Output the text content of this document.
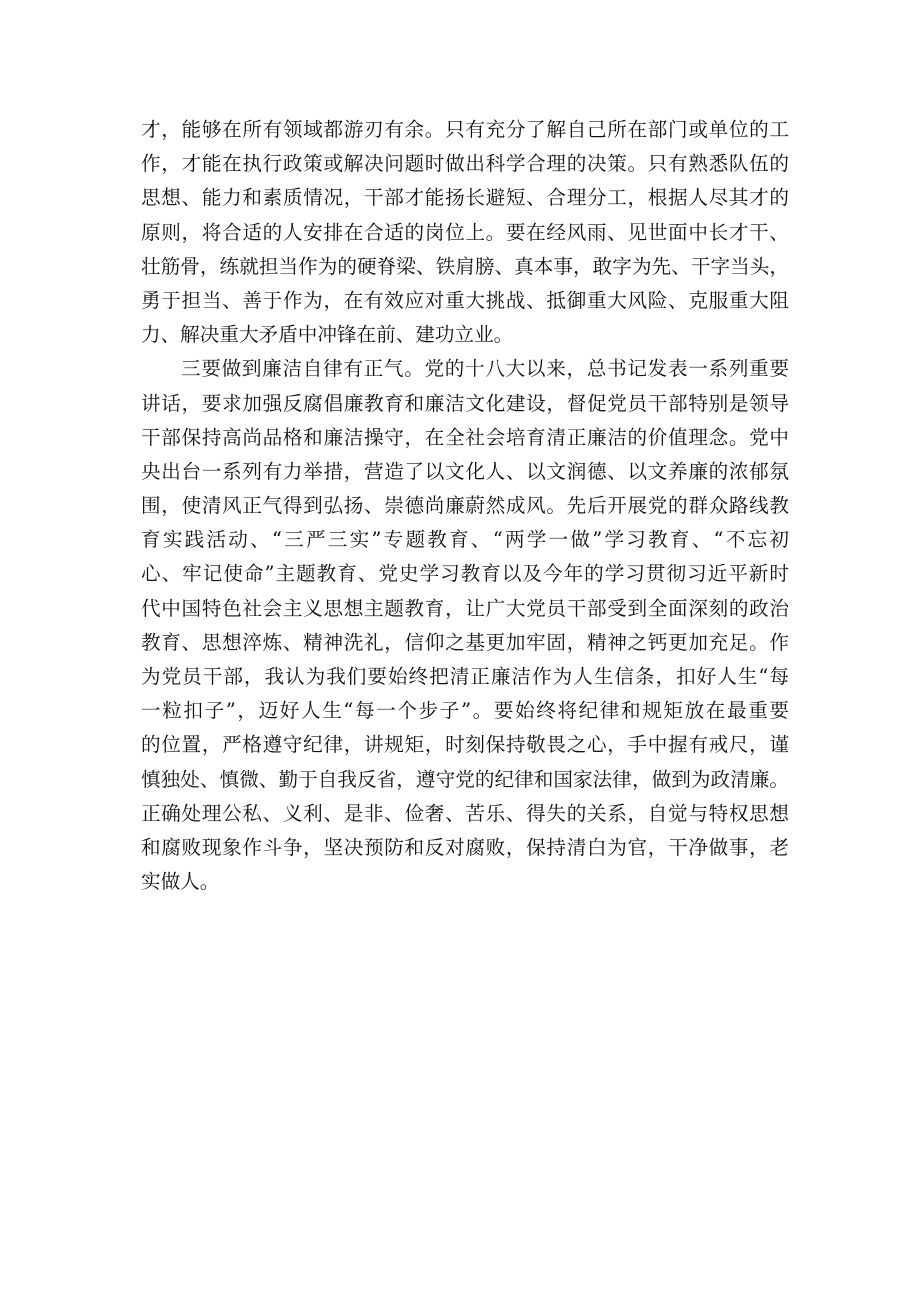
才，能够在所有领域都游刃有余。只有充分了解自己所在部门或单位的工
作，才能在执行政策或解决问题时做出科学合理的决策。只有熟悉队伍的
思想、能力和素质情况，干部才能扬长避短、合理分工，根据人尽其才的
原则，将合适的人安排在合适的岗位上。要在经风雨、见世面中长才干、
壮筋骨，练就担当作为的硬脊梁、铁肩膀、真本事，敢字为先、干字当头，
勇于担当、善于作为，在有效应对重大挑战、抵御重大风险、克服重大阻
力、解决重大矛盾中冲锋在前、建功立业。
三要做到廉洁自律有正气。党的十八大以来，总书记发表一系列重要
讲话，要求加强反腐倡廉教育和廉洁文化建设，督促党员干部特别是领导
干部保持高尚品格和廉洁操守，在全社会培育清正廉洁的价值理念。党中
央出台一系列有力举措，营造了以文化人、以文润德、以文养廉的浓郁氛
围，使清风正气得到弘扬、崇德尚廉蔚然成风。先后开展党的群众路线教
育实践活动、“三严三实”专题教育、“两学一做”学习教育、“不忘初
心、牢记使命”主题教育、党史学习教育以及今年的学习贯彻习近平新时
代中国特色社会主义思想主题教育，让广大党员干部受到全面深刻的政治
教育、思想淬炼、精神洗礼，信仰之基更加牢固，精神之钙更加充足。作
为党员干部，我认为我们要始终把清正廉洁作为人生信条，扣好人生“每
一粒扣子”，迈好人生“每一个步子”。要始终将纪律和规矩放在最重要
的位置，严格遵守纪律，讲规矩，时刻保持敬畏之心，手中握有戒尺，谨
慎独处、慎微、勤于自我反省，遵守党的纪律和国家法律，做到为政清廉。
正确处理公私、义利、是非、俭奢、苦乐、得失的关系，自觉与特权思想
和腐败现象作斗争，坚决预防和反对腐败，保持清白为官，干净做事，老
实做人。
